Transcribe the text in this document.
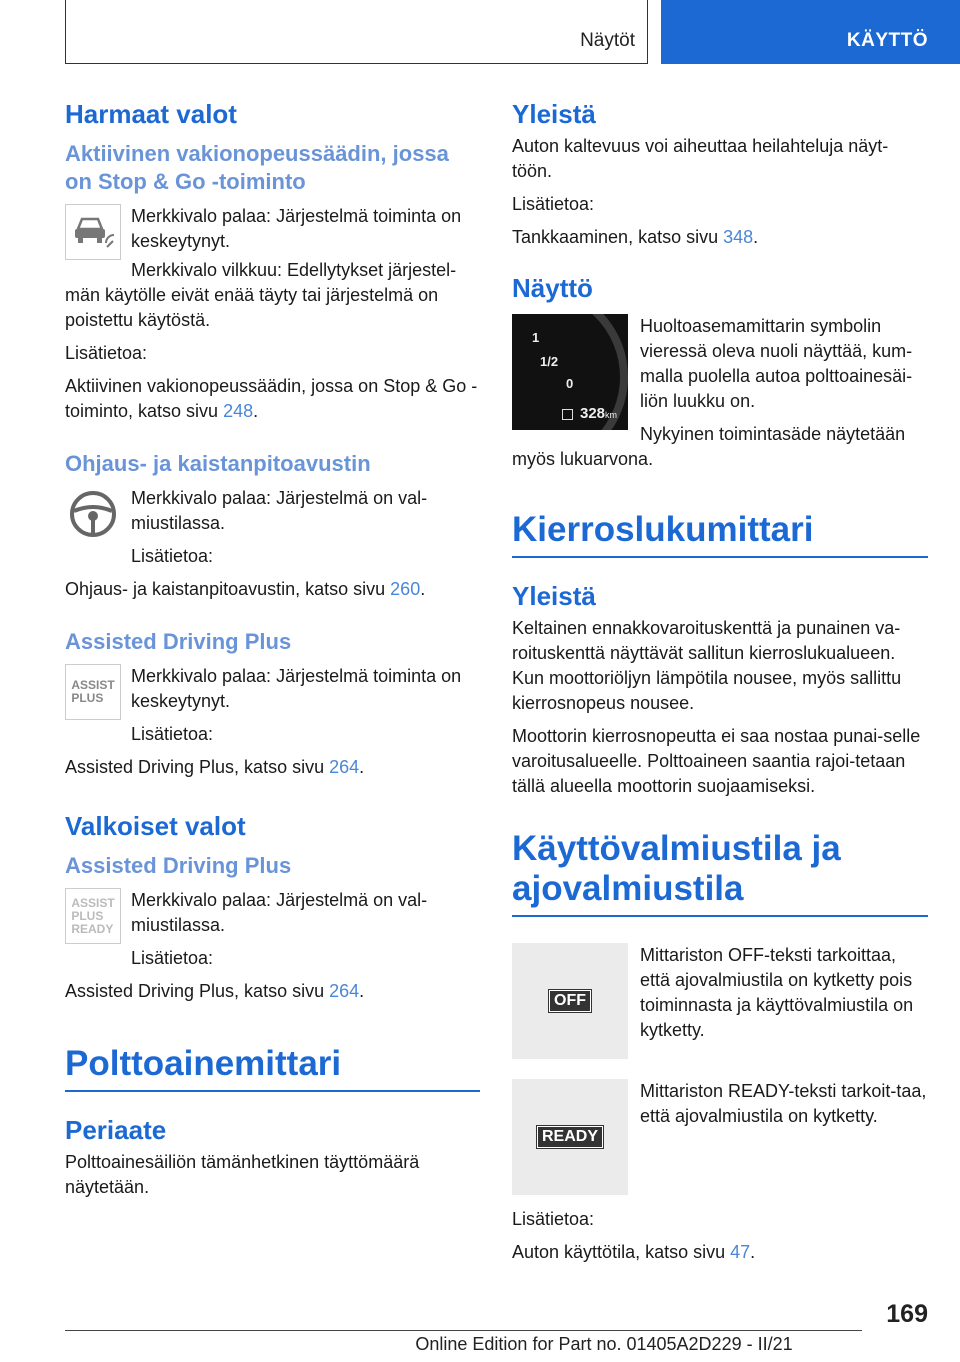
Näytöt	KÄYTTÖ
Harmaat valot
Aktiivinen vakionopeussäädin, jossa on Stop & Go -toiminto

Merkkivalo palaa: Järjestelmä toiminta on keskeytynyt.

Merkkivalo vilkkuu: Edellytykset järjestel‐män käytölle eivät enää täyty tai järjestelmä on poistettu käytöstä.

Lisätietoa:

Aktiivinen vakionopeussäädin, jossa on Stop & Go -toiminto, katso sivu 248.

Ohjaus- ja kaistanpitoavustin

Merkkivalo palaa: Järjestelmä on val‐miustilassa.

Lisätietoa:

Ohjaus- ja kaistanpitoavustin, katso sivu 260.

Assisted Driving Plus
ASSIST
PLUS

Merkkivalo palaa: Järjestelmä toiminta on keskeytynyt.

Lisätietoa:

Assisted Driving Plus, katso sivu 264.

Valkoiset valot
Assisted Driving Plus
ASSIST
PLUS
READY

Merkkivalo palaa: Järjestelmä on val‐miustilassa.

Lisätietoa:

Assisted Driving Plus, katso sivu 264.

Polttoainemittari
Periaate

Polttoainesäiliön tämänhetkinen täyttömäärä näytetään.

Yleistä

Auton kaltevuus voi aiheuttaa heilahteluja näyt‐töön.

Lisätietoa:

Tankkaaminen, katso sivu 348.

Näyttö
1
1/2
0
328km

Huoltoasemamittarin symbolin vieressä oleva nuoli näyttää, kum‐malla puolella autoa polttoainesäi‐liön luukku on.

Nykyinen toimintasäde näytetään myös lukuarvona.

Kierroslukumittari
Yleistä

Keltainen ennakkovaroituskenttä ja punainen va‐roituskenttä näyttävät sallitun kierroslukualueen. Kun moottoriöljyn lämpötila nousee, myös sallittu kierrosnopeus nousee.

Moottorin kierrosnopeutta ei saa nostaa punai‐selle varoitusalueelle. Polttoaineen saantia rajoi‐tetaan tällä alueella moottorin suojaamiseksi.

Käyttövalmiustila ja ajovalmiustila
OFF

Mittariston OFF-teksti tarkoittaa, että ajovalmiustila on kytketty pois toiminnasta ja käyttövalmiustila on kytketty.

READY

Mittariston READY-teksti tarkoit‐taa, että ajovalmiustila on kytketty.

Lisätietoa:

Auton käyttötila, katso sivu 47.

169
Online Edition for Part no. 01405A2D229 - II/21
